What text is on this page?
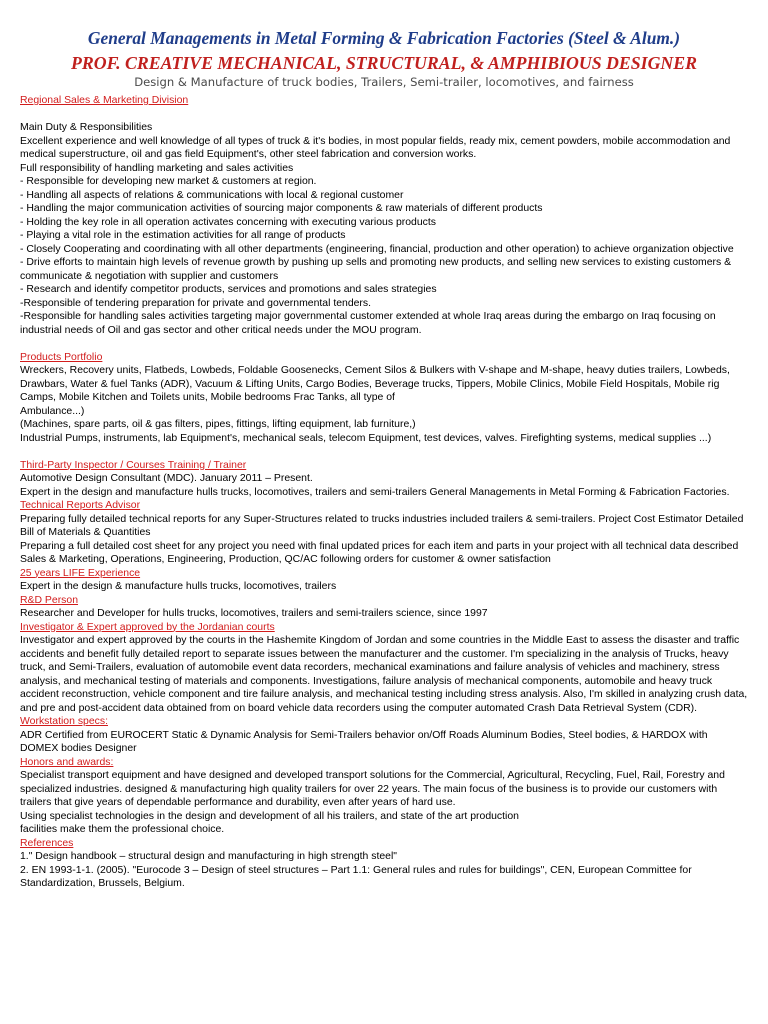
General Managements in Metal Forming & Fabrication Factories (Steel & Alum.)
PROF. CREATIVE MECHANICAL, STRUCTURAL, & AMPHIBIOUS DESIGNER
Design & Manufacture of truck bodies, Trailers, Semi-trailer, locomotives, and fairness
Regional Sales & Marketing Division
Main Duty & Responsibilities
Excellent experience and well knowledge of all types of truck & it's bodies, in most popular fields, ready mix, cement powders, mobile accommodation and medical superstructure, oil and gas field Equipment's, other steel fabrication and conversion works.
Full responsibility of handling marketing and sales activities
- Responsible for developing new market & customers at region.
- Handling all aspects of relations & communications with local & regional customer
- Handling the major communication activities of sourcing major components & raw materials of different products
- Holding the key role in all operation activates concerning with executing various products
- Playing a vital role in the estimation activities for all range of products
- Closely Cooperating and coordinating with all other departments (engineering, financial, production and other operation) to achieve organization objective
- Drive efforts to maintain high levels of revenue growth by pushing up sells and promoting new products, and selling new services to existing customers & communicate & negotiation with supplier and customers
- Research and identify competitor products, services and promotions and sales strategies
-Responsible of tendering preparation for private and governmental tenders.
-Responsible for handling sales activities targeting major governmental customer extended at whole Iraq areas during the embargo on Iraq focusing on industrial needs of Oil and gas sector and other critical needs under the MOU program.
Products Portfolio
Wreckers, Recovery units, Flatbeds, Lowbeds, Foldable Goosenecks, Cement Silos & Bulkers with V-shape and M-shape, heavy duties trailers, Lowbeds, Drawbars, Water & fuel Tanks (ADR), Vacuum & Lifting Units, Cargo Bodies, Beverage trucks, Tippers, Mobile Clinics, Mobile Field Hospitals, Mobile rig Camps, Mobile Kitchen and Toilets units, Mobile bedrooms Frac Tanks, all type of
Ambulance...)
(Machines, spare parts, oil & gas filters, pipes, fittings, lifting equipment, lab furniture,)
Industrial Pumps, instruments, lab Equipment's, mechanical seals, telecom Equipment, test devices, valves. Firefighting systems, medical supplies ...)
Third-Party Inspector / Courses Training / Trainer
Automotive Design Consultant (MDC). January 2011 – Present.
Expert in the design and manufacture hulls trucks, locomotives, trailers and semi-trailers General Managements in Metal Forming & Fabrication Factories.
Technical Reports Advisor
Preparing fully detailed technical reports for any Super-Structures related to trucks industries included trailers & semi-trailers. Project Cost Estimator Detailed Bill of Materials & Quantities
Preparing a full detailed cost sheet for any project you need with final updated prices for each item and parts in your project with all technical data described
Sales & Marketing, Operations, Engineering, Production, QC/AC following orders for customer & owner satisfaction
25 years LIFE Experience
Expert in the design & manufacture hulls trucks, locomotives, trailers
R&D Person
Researcher and Developer for hulls trucks, locomotives, trailers and semi-trailers science, since 1997
Investigator & Expert approved by the Jordanian courts
Investigator and expert approved by the courts in the Hashemite Kingdom of Jordan and some countries in the Middle East to assess the disaster and traffic accidents and benefit fully detailed report to separate issues between the manufacturer and the customer. I'm specializing in the analysis of Trucks, heavy truck, and Semi-Trailers, evaluation of automobile event data recorders, mechanical examinations and failure analysis of vehicles and machinery, stress analysis, and mechanical testing of materials and components. Investigations, failure analysis of mechanical components, automobile and heavy truck accident reconstruction, vehicle component and tire failure analysis, and mechanical testing including stress analysis. Also, I'm skilled in analyzing crush data, and pre and post-accident data obtained from on board vehicle data recorders using the computer automated Crash Data Retrieval System (CDR).
Workstation specs:
ADR Certified from EUROCERT Static & Dynamic Analysis for Semi-Trailers behavior on/Off Roads Aluminum Bodies, Steel bodies, & HARDOX with DOMEX bodies Designer
Honors and awards:
Specialist transport equipment and have designed and developed transport solutions for the Commercial, Agricultural, Recycling, Fuel, Rail, Forestry and specialized industries. designed & manufacturing high quality trailers for over 22 years. The main focus of the business is to provide our customers with trailers that give years of dependable performance and durability, even after years of hard use.
Using specialist technologies in the design and development of all his trailers, and state of the art production
facilities make them the professional choice.
References
1." Design handbook – structural design and manufacturing in high strength steel"
2. EN 1993-1-1. (2005). "Eurocode 3 – Design of steel structures – Part 1.1: General rules and rules for buildings", CEN, European Committee for Standardization, Brussels, Belgium.
